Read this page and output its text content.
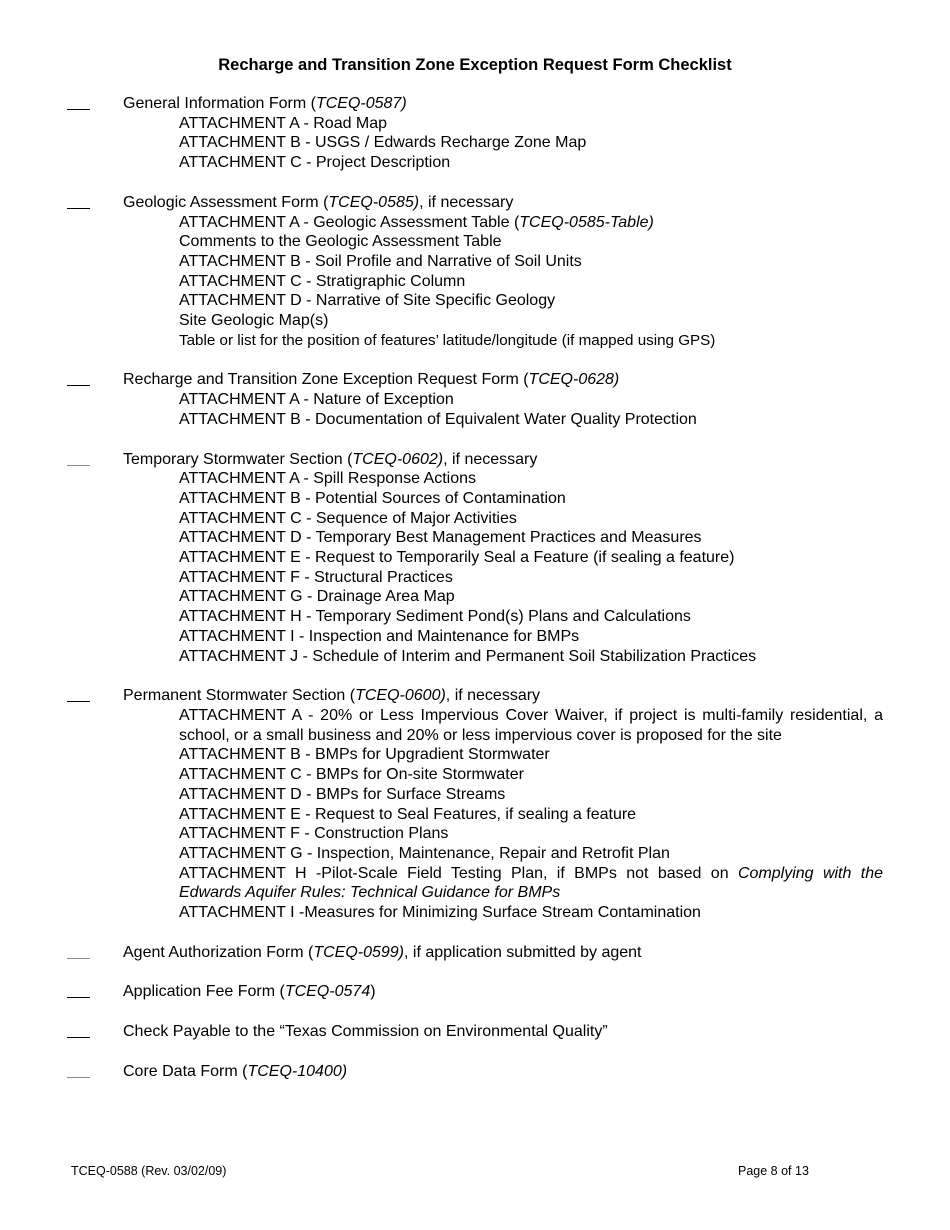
Recharge and Transition Zone Exception Request Form Checklist
General Information Form (TCEQ-0587)
ATTACHMENT A - Road Map
ATTACHMENT B - USGS / Edwards Recharge Zone Map
ATTACHMENT C - Project Description
Geologic Assessment Form (TCEQ-0585), if necessary
ATTACHMENT A - Geologic Assessment Table (TCEQ-0585-Table)
Comments to the Geologic Assessment Table
ATTACHMENT B - Soil Profile and Narrative of Soil Units
ATTACHMENT C - Stratigraphic Column
ATTACHMENT D - Narrative of Site Specific Geology
Site Geologic Map(s)
Table or list for the position of features’ latitude/longitude (if mapped using GPS)
Recharge and Transition Zone Exception Request Form (TCEQ-0628)
ATTACHMENT A - Nature of Exception
ATTACHMENT B - Documentation of Equivalent Water Quality Protection
Temporary Stormwater Section (TCEQ-0602), if necessary
ATTACHMENT A - Spill Response Actions
ATTACHMENT B - Potential Sources of Contamination
ATTACHMENT C - Sequence of Major Activities
ATTACHMENT D - Temporary Best Management Practices and Measures
ATTACHMENT E - Request to Temporarily Seal a Feature (if sealing a feature)
ATTACHMENT F - Structural Practices
ATTACHMENT G - Drainage Area Map
ATTACHMENT H - Temporary Sediment Pond(s) Plans and Calculations
ATTACHMENT I - Inspection and Maintenance for BMPs
ATTACHMENT J - Schedule of Interim and Permanent Soil Stabilization Practices
Permanent Stormwater Section (TCEQ-0600), if necessary
ATTACHMENT A - 20% or Less Impervious Cover Waiver, if project is multi-family residential, a school, or a small business and 20% or less impervious cover is proposed for the site
ATTACHMENT B - BMPs for Upgradient Stormwater
ATTACHMENT C - BMPs for On-site Stormwater
ATTACHMENT D - BMPs for Surface Streams
ATTACHMENT E - Request to Seal Features, if sealing a feature
ATTACHMENT F - Construction Plans
ATTACHMENT G - Inspection, Maintenance, Repair and Retrofit Plan
ATTACHMENT H -Pilot-Scale Field Testing Plan, if BMPs not based on Complying with the Edwards Aquifer Rules: Technical Guidance for BMPs
ATTACHMENT I -Measures for Minimizing Surface Stream Contamination
Agent Authorization Form (TCEQ-0599), if application submitted by agent
Application Fee Form (TCEQ-0574)
Check Payable to the “Texas Commission on Environmental Quality”
Core Data Form (TCEQ-10400)
TCEQ-0588 (Rev. 03/02/09)	Page 8 of 13
